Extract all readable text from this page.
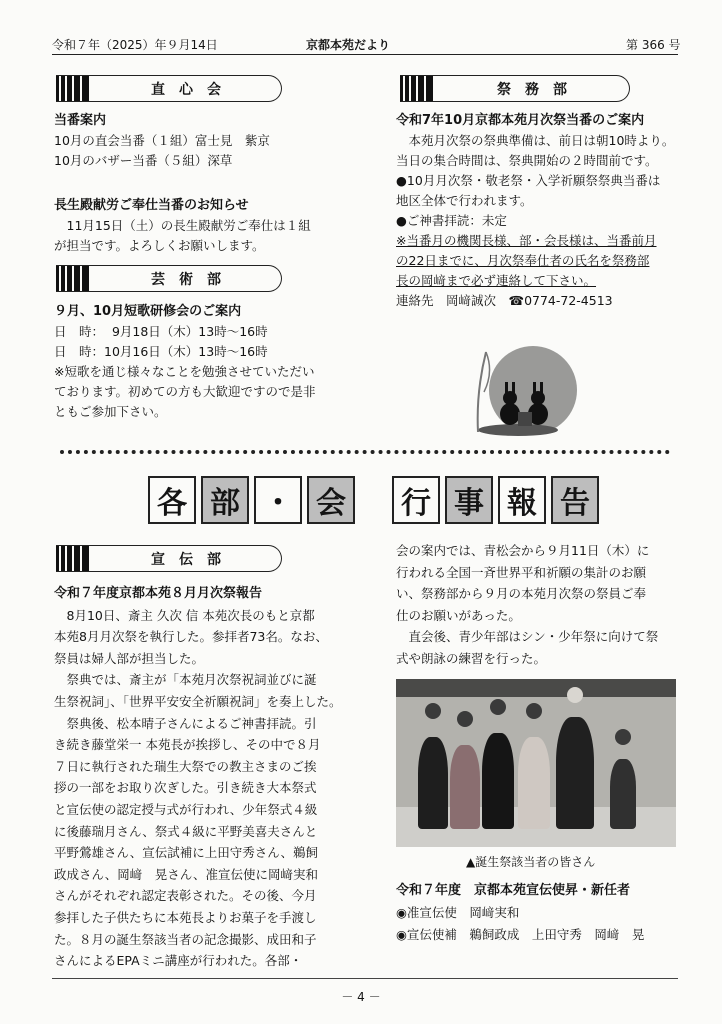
令和７年（2025）年９月14日	京都本苑だより	第 366 号
直心会
当番案内

10月の直会当番（１組）富士見　紫京

10月のバザー当番（５組）深草

長生殿献労ご奉仕当番のお知らせ

　11月15日（土）の長生殿献労ご奉仕は１組

が担当です。よろしくお願いします。

芸術部
９月、10月短歌研修会のご案内

日　時：  9月18日（木）13時～16時

日　時：10月16日（木）13時～16時

※短歌を通じ様々なことを勉強させていただい

ております。初めての方も大歓迎ですので是非

ともご参加下さい。

祭務部
令和7年10月京都本苑月次祭当番のご案内

　本苑月次祭の祭典準備は、前日は朝10時より。

当日の集合時間は、祭典開始の２時間前です。

●10月月次祭・敬老祭・入学祈願祭祭典当番は

地区全体で行われます。

●ご神書拝読：未定

※当番月の機関長様、部・会長様は、当番前月

の22日までに、月次祭奉仕者の氏名を祭務部

長の岡﨑まで必ず連絡して下さい。

連絡先　岡﨑誠次　☎0774-72-4513

各 部 ・ 会	行 事 報 告
宣伝部
令和７年度京都本苑８月月次祭報告

　8月10日、斎主 久次 信 本苑次長のもと京都

本苑8月月次祭を執行した。参拝者73名。なお、

祭員は婦人部が担当した。

　祭典では、斎主が「本苑月次祭祝詞並びに誕

生祭祝詞」、「世界平安安全祈願祝詞」を奏上した。

　祭典後、松本晴子さんによるご神書拝読。引

き続き藤堂栄一 本苑長が挨拶し、その中で８月

７日に執行された瑞生大祭での教主さまのご挨

拶の一部をお取り次ぎした。引き続き大本祭式

と宣伝使の認定授与式が行われ、少年祭式４級

に後藤瑞月さん、祭式４級に平野美喜夫さんと

平野鶯雄さん、宣伝試補に上田守秀さん、鵜飼

政成さん、岡﨑　晃さん、准宣伝使に岡﨑実和

さんがそれぞれ認定表彰された。その後、今月

参拝した子供たちに本苑長よりお菓子を手渡し

た。８月の誕生祭該当者の記念撮影、成田和子

さんによるEPAミニ講座が行われた。各部・

会の案内では、青松会から９月11日（木）に

行われる全国一斉世界平和祈願の集計のお願

い、祭務部から９月の本苑月次祭の祭員ご奉

仕のお願いがあった。

　直会後、青少年部はシン・少年祭に向けて祭

式や朗詠の練習を行った。

▲誕生祭該当者の皆さん
令和７年度　京都本苑宣伝使昇・新任者

◉准宣伝使　岡﨑実和

◉宣伝使補　鵜飼政成　上田守秀　岡﨑　晃

－ 4 －
